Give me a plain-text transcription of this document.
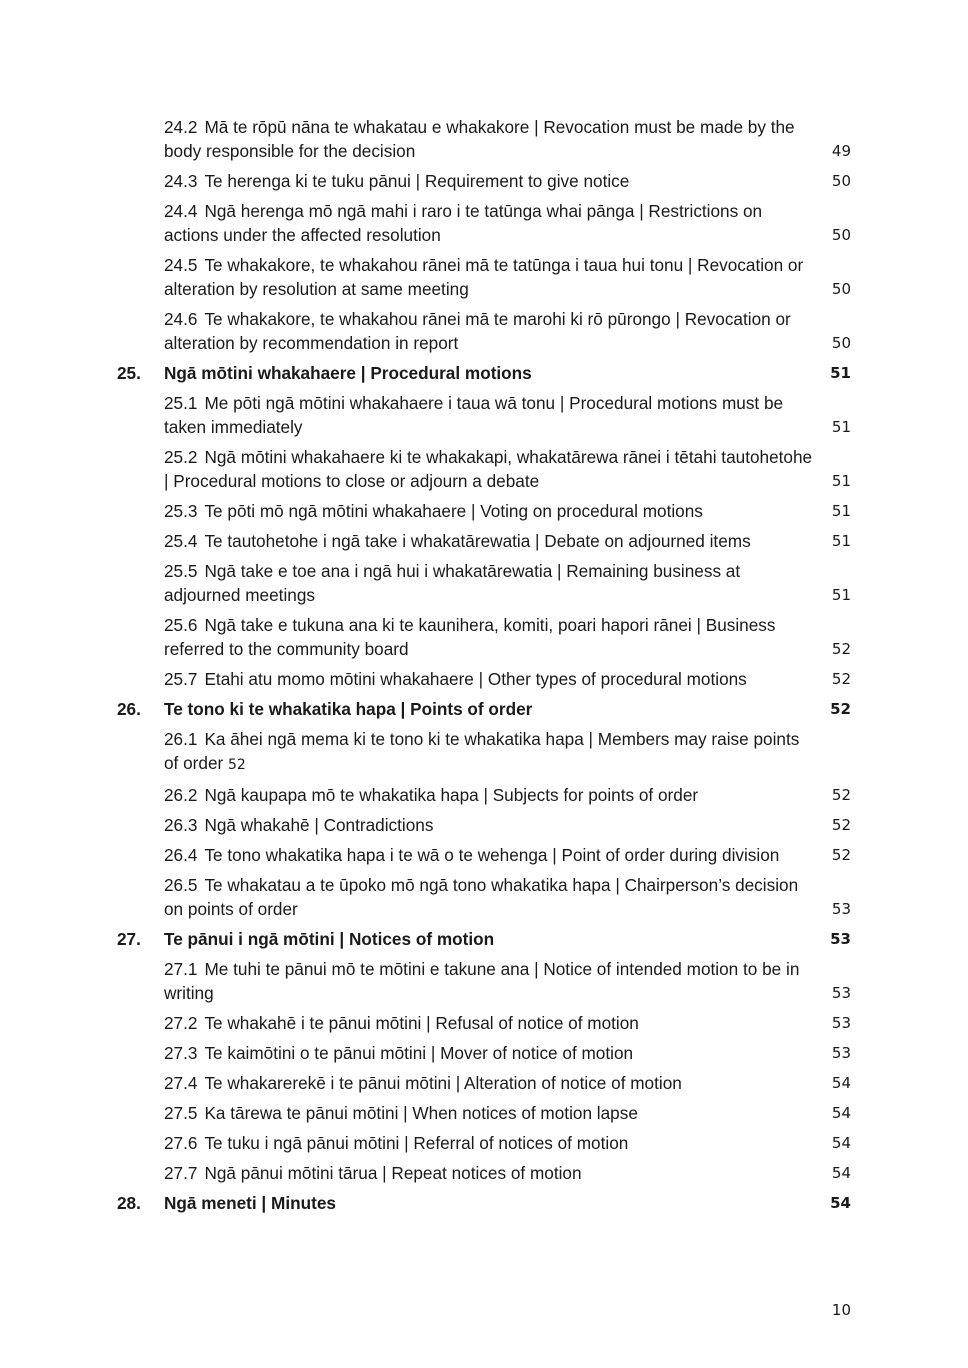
24.2 Mā te rōpū nāna te whakatau e whakakore | Revocation must be made by the body responsible for the decision	49
24.3 Te herenga ki te tuku pānui | Requirement to give notice	50
24.4 Ngā herenga mō ngā mahi i raro i te tatūnga whai pānga | Restrictions on actions under the affected resolution	50
24.5 Te whakakore, te whakahou rānei mā te tatūnga i taua hui tonu | Revocation or alteration by resolution at same meeting	50
24.6 Te whakakore, te whakahou rānei mā te marohi ki rō pūrongo | Revocation or alteration by recommendation in report	50
25. Ngā mōtini whakahaere | Procedural motions	51
25.1 Me pōti ngā mōtini whakahaere i taua wā tonu | Procedural motions must be taken immediately	51
25.2 Ngā mōtini whakahaere ki te whakakapi, whakatārewa rānei i tētahi tautohetohe | Procedural motions to close or adjourn a debate	51
25.3 Te pōti mō ngā mōtini whakahaere | Voting on procedural motions	51
25.4 Te tautohetohe i ngā take i whakatārewatia | Debate on adjourned items	51
25.5 Ngā take e toe ana i ngā hui i whakatārewatia | Remaining business at adjourned meetings	51
25.6 Ngā take e tukuna ana ki te kaunihera, komiti, poari hapori rānei | Business referred to the community board	52
25.7 Etahi atu momo mōtini whakahaere | Other types of procedural motions	52
26. Te tono ki te whakatika hapa | Points of order	52
26.1 Ka āhei ngā mema ki te tono ki te whakatika hapa | Members may raise points of order 52
26.2 Ngā kaupapa mō te whakatika hapa | Subjects for points of order	52
26.3 Ngā whakahē | Contradictions	52
26.4 Te tono whakatika hapa i te wā o te wehenga | Point of order during division	52
26.5 Te whakatau a te ūpoko mō ngā tono whakatika hapa | Chairperson’s decision on points of order	53
27. Te pānui i ngā mōtini | Notices of motion	53
27.1 Me tuhi te pānui mō te mōtini e takune ana | Notice of intended motion to be in writing	53
27.2 Te whakahē i te pānui mōtini | Refusal of notice of motion	53
27.3 Te kaimōtini o te pānui mōtini | Mover of notice of motion	53
27.4 Te whakarerekē i te pānui mōtini | Alteration of notice of motion	54
27.5 Ka tārewa te pānui mōtini | When notices of motion lapse	54
27.6 Te tuku i ngā pānui mōtini | Referral of notices of motion	54
27.7 Ngā pānui mōtini tārua | Repeat notices of motion	54
28. Ngā meneti | Minutes	54
10
